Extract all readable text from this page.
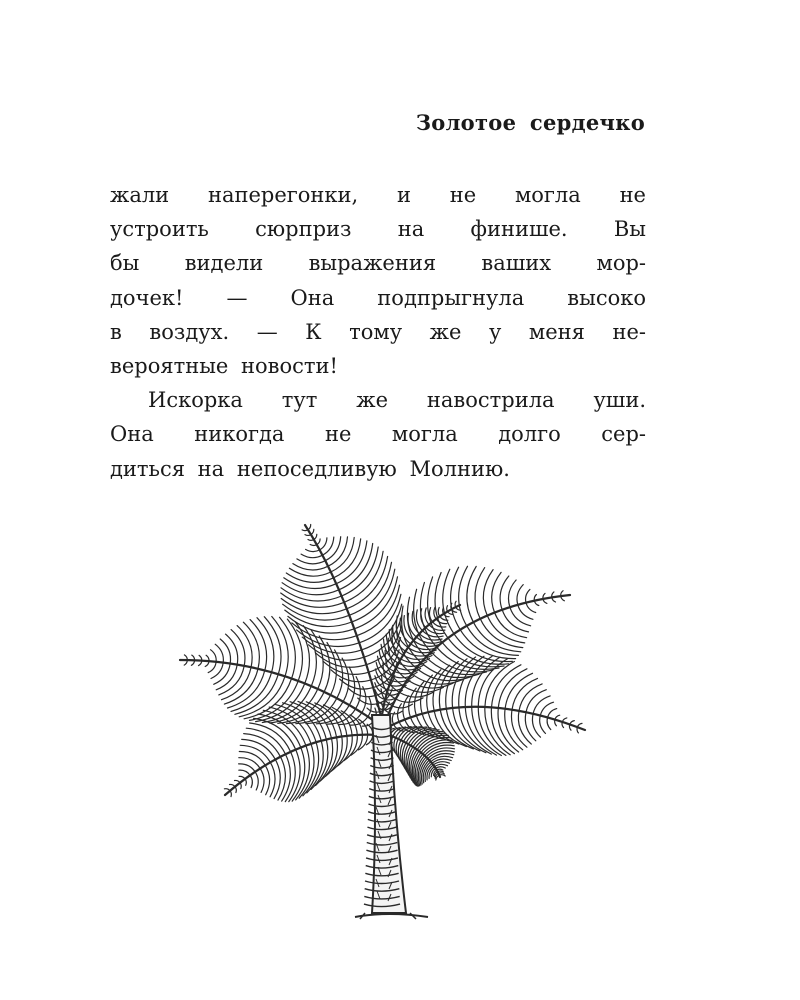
Золотое сердечко
жали наперегонки, и не могла не
устроить сюрприз на финише. Вы
бы видели выражения ваших мор-
дочек! — Она подпрыгнула высоко
в воздух. — К тому же у меня не-
вероятные новости!
Искорка тут же навострила уши.
Она никогда не могла долго сер-
диться на непоседливую Молнию.
